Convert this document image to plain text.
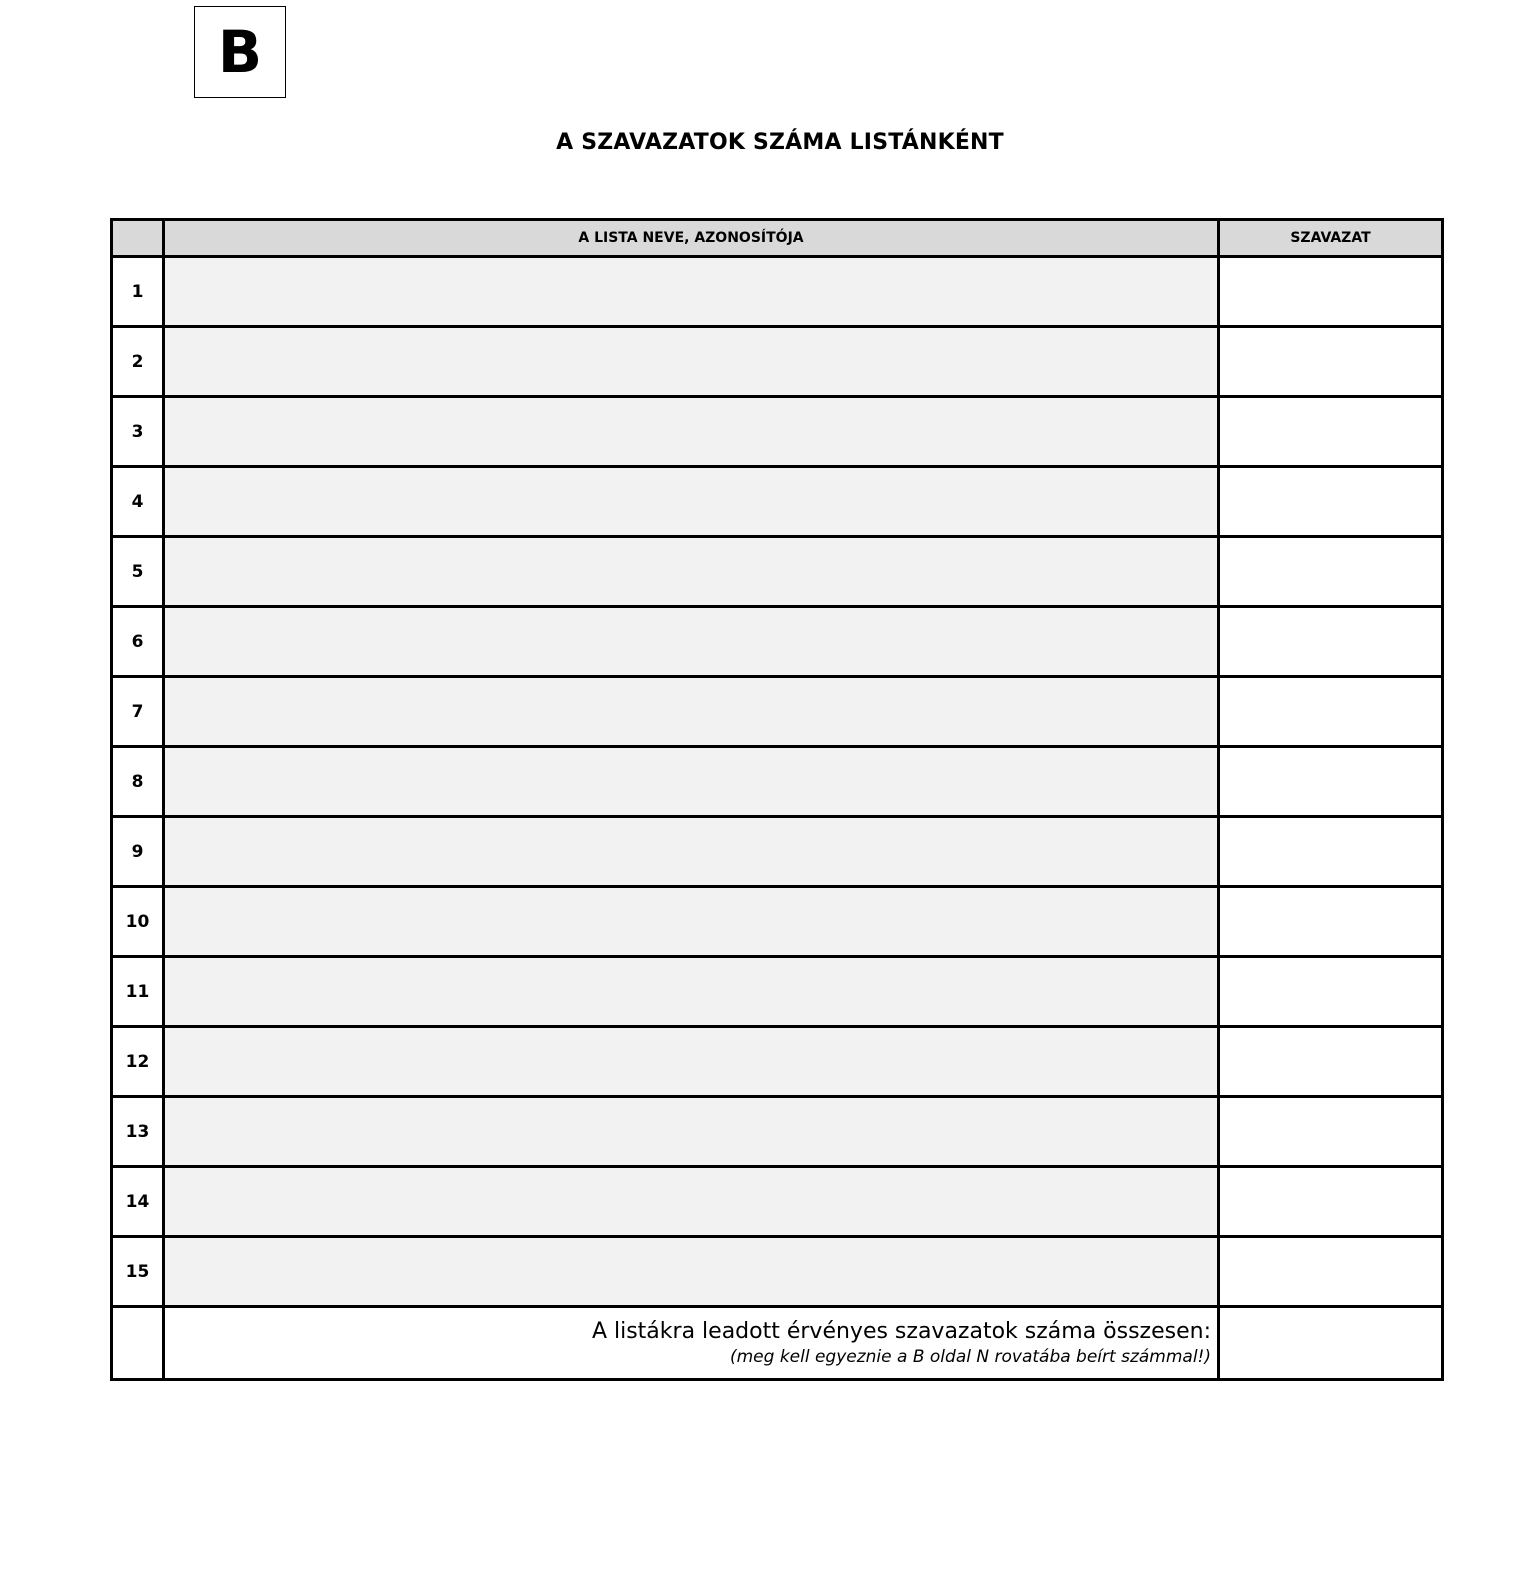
B
A SZAVAZATOK SZÁMA LISTÁNKÉNT
	A LISTA NEVE, AZONOSÍTÓJA	SZAVAZAT
1		
2		
3		
4		
5		
6		
7		
8		
9		
10		
11		
12		
13		
14		
15		

	A listákra leadott érvényes szavazatok száma összesen:
(meg kell egyeznie a B oldal N rovatába beírt számmal!)	
